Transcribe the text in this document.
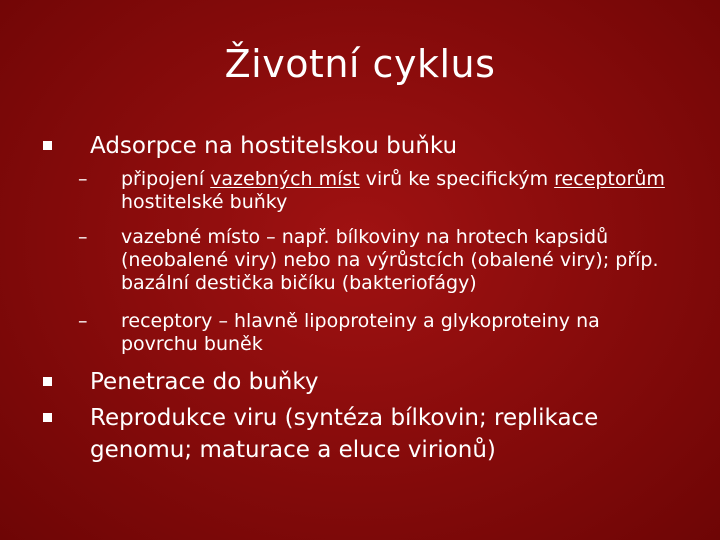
Životní cyklus
Adsorpce na hostitelskou buňku
– připojení vazebných míst virů ke specifickým receptorům hostitelské buňky
– vazebné místo – např. bílkoviny na hrotech kapsidů (neobalené viry) nebo na výrůstcích (obalené viry); příp. bazální destička bičíku (bakteriofágy)
– receptory – hlavně lipoproteiny a glykoproteiny na povrchu buněk
Penetrace do buňky
Reprodukce viru (syntéza bílkovin; replikace genomu; maturace a eluce virionů)
